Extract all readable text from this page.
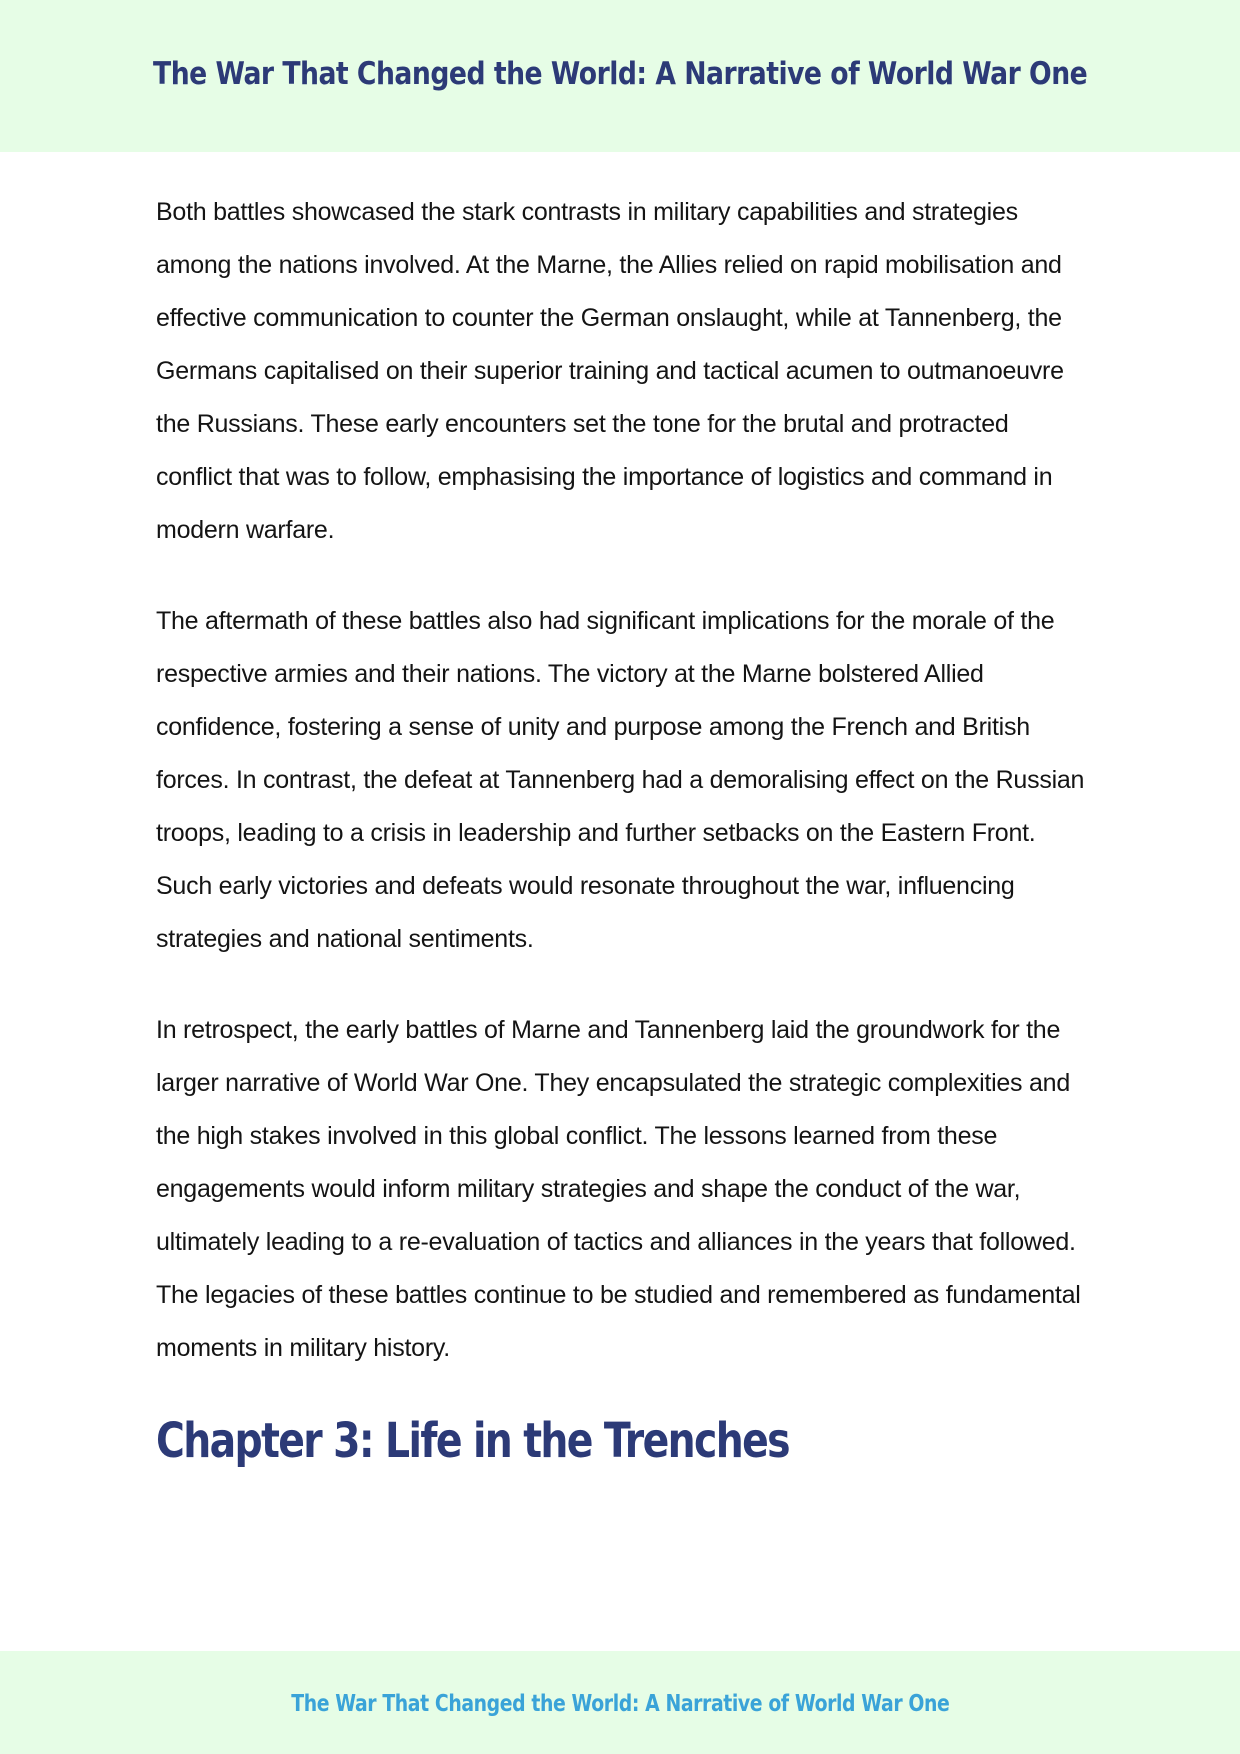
The War That Changed the World: A Narrative of World War One

Both battles showcased the stark contrasts in military capabilities and strategies among the nations involved. At the Marne, the Allies relied on rapid mobilisation and effective communication to counter the German onslaught, while at Tannenberg, the Germans capitalised on their superior training and tactical acumen to outmanoeuvre the Russians. These early encounters set the tone for the brutal and protracted conflict that was to follow, emphasising the importance of logistics and command in modern warfare.

The aftermath of these battles also had significant implications for the morale of the respective armies and their nations. The victory at the Marne bolstered Allied confidence, fostering a sense of unity and purpose among the French and British forces. In contrast, the defeat at Tannenberg had a demoralising effect on the Russian troops, leading to a crisis in leadership and further setbacks on the Eastern Front. Such early victories and defeats would resonate throughout the war, influencing strategies and national sentiments.

In retrospect, the early battles of Marne and Tannenberg laid the groundwork for the larger narrative of World War One. They encapsulated the strategic complexities and the high stakes involved in this global conflict. The lessons learned from these engagements would inform military strategies and shape the conduct of the war, ultimately leading to a re-evaluation of tactics and alliances in the years that followed. The legacies of these battles continue to be studied and remembered as fundamental moments in military history.

Chapter 3: Life in the Trenches
The War That Changed the World: A Narrative of World War One
